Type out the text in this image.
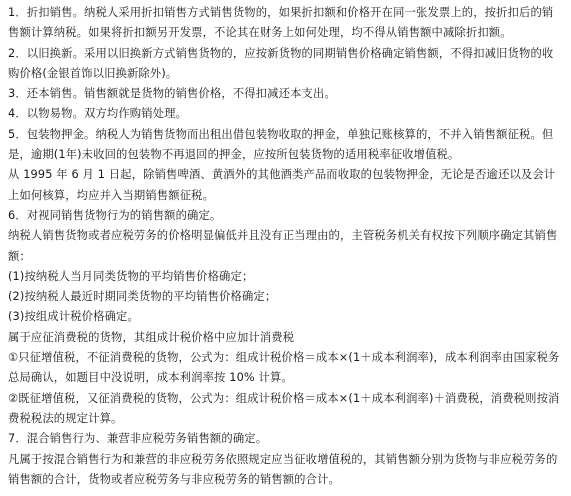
1．折扣销售。纳税人采用折扣销售方式销售货物的，如果折扣额和价格开在同一张发票上的，按折扣后的销售额计算纳税。如果将折扣额另开发票，不论其在财务上如何处理，均不得从销售额中减除折扣额。

2．以旧换新。采用以旧换新方式销售货物的，应按新货物的同期销售价格确定销售额，不得扣减旧货物的收购价格(金银首饰以旧换新除外)。

3．还本销售。销售额就是货物的销售价格，不得扣减还本支出。

4．以物易物。双方均作购销处理。

5．包装物押金。纳税人为销售货物而出租出借包装物收取的押金，单独记账核算的，不并入销售额征税。但是，逾期(1年)未收回的包装物不再退回的押金，应按所包装货物的适用税率征收增值税。

从 1995 年 6 月 1 日起，除销售啤酒、黄酒外的其他酒类产品而收取的包装物押金，无论是否逾还以及会计上如何核算，均应并入当期销售额征税。

6．对视同销售货物行为的销售额的确定。

纳税人销售货物或者应税劳务的价格明显偏低并且没有正当理由的，主管税务机关有权按下列顺序确定其销售额：

(1)按纳税人当月同类货物的平均销售价格确定；

(2)按纳税人最近时期同类货物的平均销售价格确定；

(3)按组成计税价格确定。

属于应征消费税的货物，其组成计税价格中应加计消费税

①只征增值税，不征消费税的货物，公式为：组成计税价格＝成本×(1＋成本利润率)，成本利润率由国家税务总局确认，如题目中没说明，成本利润率按 10% 计算。

②既征增值税，又征消费税的货物，公式为：组成计税价格＝成本×(1＋成本利润率)＋消费税，消费税则按消费税税法的规定计算。

7．混合销售行为、兼营非应税劳务销售额的确定。

凡属于按混合销售行为和兼营的非应税劳务依照规定应当征收增值税的，其销售额分别为货物与非应税劳务的销售额的合计，货物或者应税劳务与非应税劳务的销售额的合计。
